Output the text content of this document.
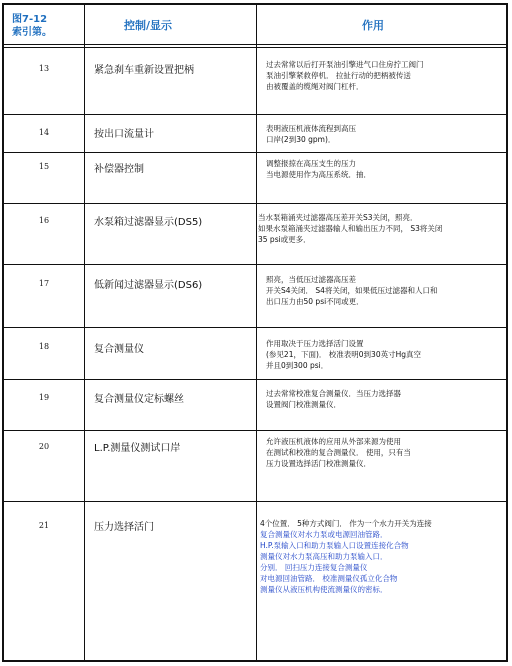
图7-12
索引第。
控制/显示	作用
13	紧急刹车重新设置把柄
过去常常以后打开泵油引擎进气口住房拧工阀门
泵油引擎紧救停机． 拉扯行动的把柄被传送
由被覆盖的缆绳对阀门杠杆．
14	按出口流量计
表明液压机液体流程到高压
口岸(2到30 gpm)．
15	补偿器控制
调整报掠在高压支生的压力
当电源使用作为高压系统．抽．
16	水泵箱过滤器显示(DS5)	当水泵箱涌夹过滤器高压差开关S3关闭，照亮．
如果水泵箱涌夹过滤器输人和输出压力不同， S3将关闭
35 psi或更多．
17	低新闻过滤器显示(DS6)
照亮，当低压过滤器高压差
开关S4关闭． S4将关闭，如果低压过滤器和人口和
出口压力由50 psi不同或更．
18	复合测量仪
作用取决于压力选择活门设置
(参见21，下面)． 校准表明0到30英寸Hg真空
并且0到300 psi．
19	复合测量仪定标螺丝
过去常常校准复合测量仪．当压力选择器
设置阀门校准测量仪．
20	L.P.测量仪测试口岸
允许液压机液体的应用从外部来源为使用
在测试和校准的复合测量仪． 使用，只有当
压力设置选择活门校准测量仪．
21	压力选择活门	4个位置． 5种方式阀门． 作为一个水力开关为连接
复合测量仪对水力泵或电源回油管路．
H.P.泵输入口和助力泵输人口设置连接化合物
测量仪对水力泵高压和助力泵输入口．
分别． 回扫压力连接复合测量仪
对电源回油管路． 校准测量仪孤立化合物
测量仪从液压机构使流测量仪的密标．
